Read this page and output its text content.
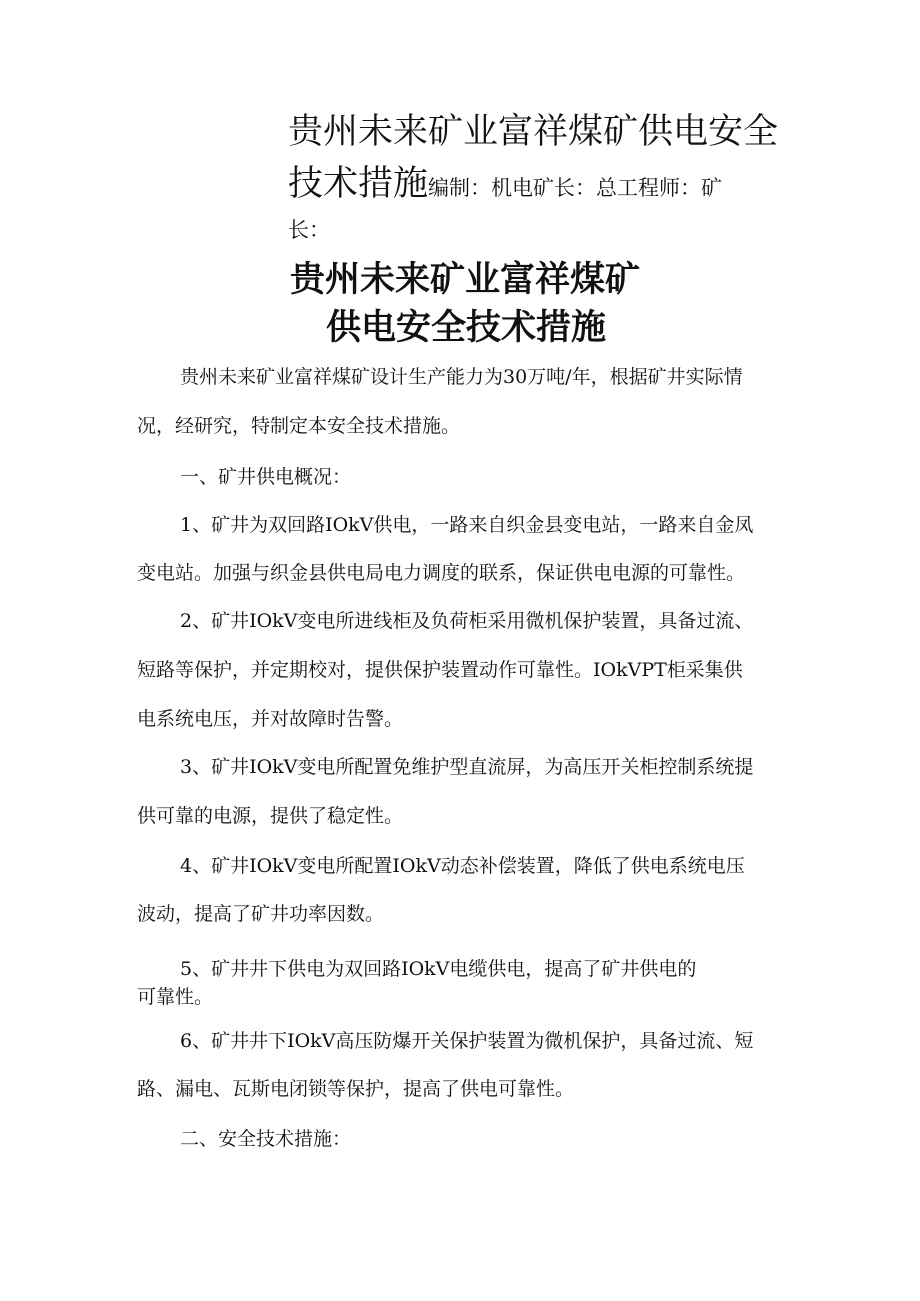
贵州未来矿业富祥煤矿供电安全

技术措施编制：机电矿长：总工程师：矿

长：

贵州未来矿业富祥煤矿
供电安全技术措施

贵州未来矿业富祥煤矿设计生产能力为30万吨/年，根据矿井实际情

况，经研究，特制定本安全技术措施。

一、矿井供电概况：

1、矿井为双回路IOkV供电，一路来自织金县变电站，一路来自金凤

变电站。加强与织金县供电局电力调度的联系，保证供电电源的可靠性。

2、矿井IOkV变电所进线柜及负荷柜采用微机保护装置，具备过流、

短路等保护，并定期校对，提供保护装置动作可靠性。IOkVPT柜采集供

电系统电压，并对故障时告警。

3、矿井IOkV变电所配置免维护型直流屏，为高压开关柜控制系统提

供可靠的电源，提供了稳定性。

4、矿井IOkV变电所配置IOkV动态补偿装置，降低了供电系统电压

波动，提高了矿井功率因数。

5、矿井井下供电为双回路IOkV电缆供电，提高了矿井供电的

可靠性。

6、矿井井下IOkV高压防爆开关保护装置为微机保护，具备过流、短

路、漏电、瓦斯电闭锁等保护，提高了供电可靠性。

二、安全技术措施：
